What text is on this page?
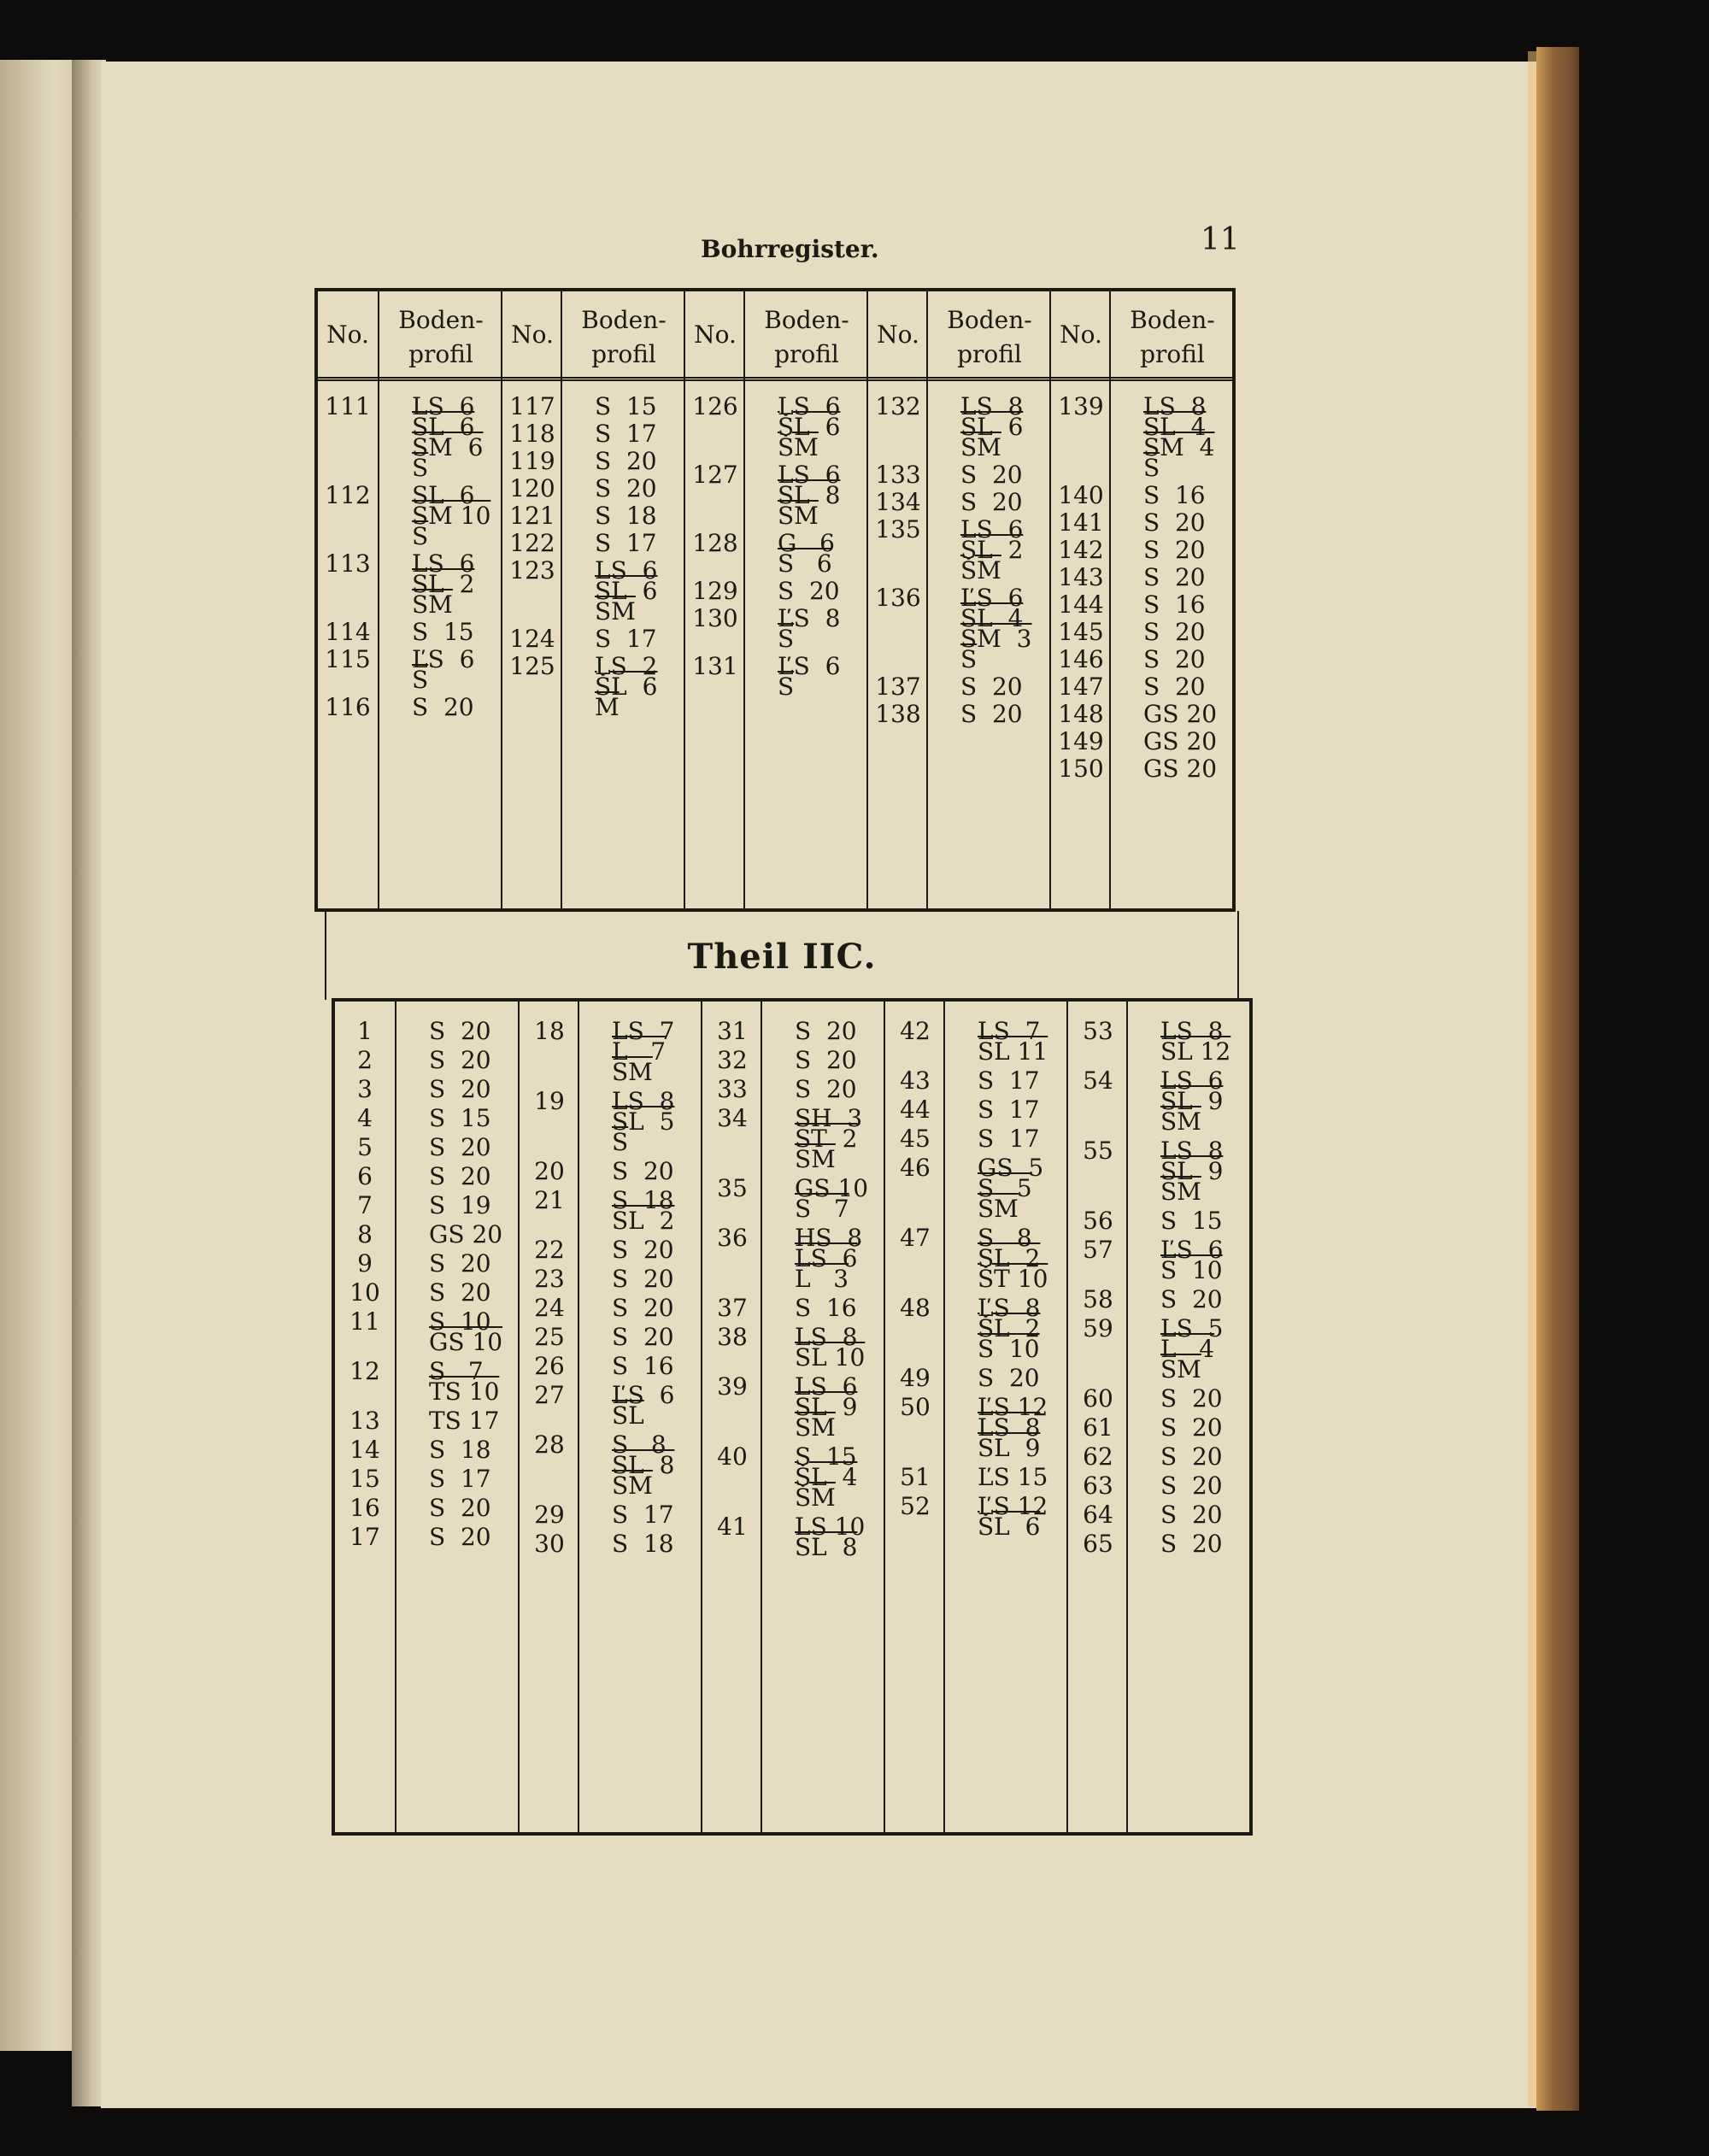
Bohrregister.	11
No.
111
112
113
114
115
116
Boden-
profil
LS  6
SL  6
SM  6
$\overline{S}$
SL  6
SM 10
$\overline{S}$
LS  6
SL  2
$\overline{SM}$
S  15
ĽS  6
$\overline{S}$
S  20
No.
117
118
119
120
121
122
123
124
125
Boden-
profil
S  15
S  17
S  20
S  20
S  18
S  17
LS  6
SL  6
$\overline{SM}$
S  17
LS  2
ŠL  6
$\overline{M}$
No.
126
127
128
129
130
131
Boden-
profil
LS  6
ŠL  6
$\overline{ŠM}$
LS  6
SL  8
$\overline{SM}$
G   6
S   6
S  20
ĽS  8
$\overline{S}$
ĽS  6
$\overline{S}$
No.
132
133
134
135
136
137
138
Boden-
profil
LS  8
SL  6
$\overline{SM}$
S  20
S  20
LS  6
SL  2
$\overline{ŠM}$
ĽS  6
SL  4
SM  3
$\overline{S}$
S  20
S  20
No.
139
140
141
142
143
144
145
146
147
148
149
150
Boden-
profil
LS  8
SL  4
SM  4
$\overline{S}$
S  16
S  20
S  20
S  20
S  16
S  20
S  20
S  20
GS 20
GS 20
GS 20
Theil IIC.
1
2
3
4
5
6
7
8
9
10
11
12
13
14
15
16
17
S  20
S  20
S  20
S  15
S  20
S  20
S  19
GS 20
S  20
S  20
S  10
GS 10
S   7
TS 10
TS 17
S  18
S  17
S  20
S  20
18
19
20
21
22
23
24
25
26
27
28
29
30
LS  7
L   7
$\overline{SM}$
LS  8
SL  5
$\overline{S}$
S  20
S  18
SL  2
S  20
S  20
S  20
S  20
S  16
ĽS  6
$\overline{SL}$
S   8
SL  8
$\overline{SM}$
S  17
S  18
31
32
33
34
35
36
37
38
39
40
41
S  20
S  20
S  20
SH  3
ST  2
$\overline{SM}$
GS 10
S   7
HS  8
LS  6
L   3
S  16
LS  8
SL 10
LS  6
SL  9
$\overline{SM}$
S  15
ŠL  4
$\overline{ŠM}$
LS 10
SL  8
42
43
44
45
46
47
48
49
50
51
52
LS  7
SL 11
S  17
S  17
S  17
GS  5
S   5
$\overline{SM}$
S   8
SL  2
ŠT 10
ĽS  8
ŠL  2
S  10
S  20
ĽS 12
LS  8
SL  9
ĽS 15
ĽS 12
ŠL  6
53
54
55
56
57
58
59
60
61
62
63
64
65
LS  8
SL 12
LS  6
SL  9
$\overline{SM}$
LS  8
SL  9
$\overline{SM}$
S  15
ĽS  6
S  10
S  20
LS  5
L   4
$\overline{SM}$
S  20
S  20
S  20
S  20
S  20
S  20
